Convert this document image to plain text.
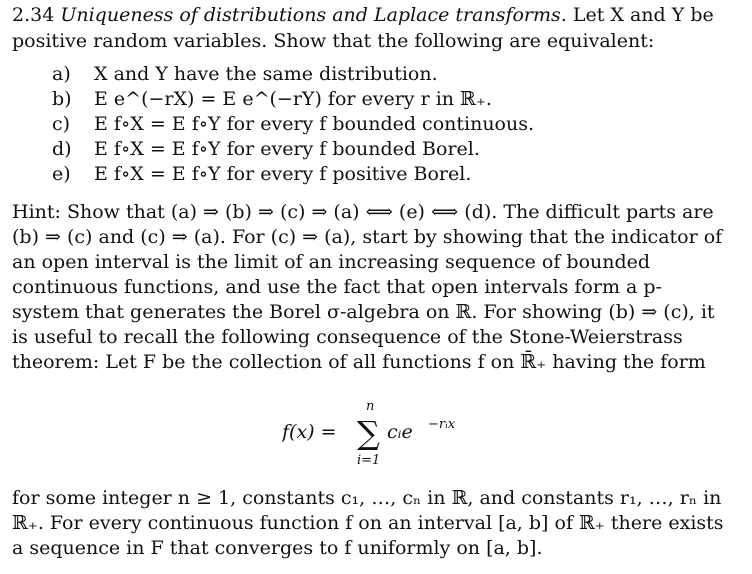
2.34 Uniqueness of distributions and Laplace transforms. Let X and Y be positive random variables. Show that the following are equivalent:
a) X and Y have the same distribution.
b) E e^(−rX) = E e^(−rY) for every r in ℝ₊.
c) E f∘X = E f∘Y for every f bounded continuous.
d) E f∘X = E f∘Y for every f bounded Borel.
e) E f∘X = E f∘Y for every f positive Borel.
Hint: Show that (a) ⇒ (b) ⇒ (c) ⇒ (a) ⟺ (e) ⟺ (d). The difficult parts are (b) ⇒ (c) and (c) ⇒ (a). For (c) ⇒ (a), start by showing that the indicator of an open interval is the limit of an increasing sequence of bounded continuous functions, and use the fact that open intervals form a p-system that generates the Borel σ-algebra on ℝ. For showing (b) ⇒ (c), it is useful to recall the following consequence of the Stone-Weierstrass theorem: Let F be the collection of all functions f on ℝ̄₊ having the form
f(x) =
n
∑
i=1
cᵢe −rᵢx
for some integer n ≥ 1, constants c₁, …, cₙ in ℝ, and constants r₁, …, rₙ in ℝ₊. For every continuous function f on an interval [a, b] of ℝ₊ there exists a sequence in F that converges to f uniformly on [a, b].
